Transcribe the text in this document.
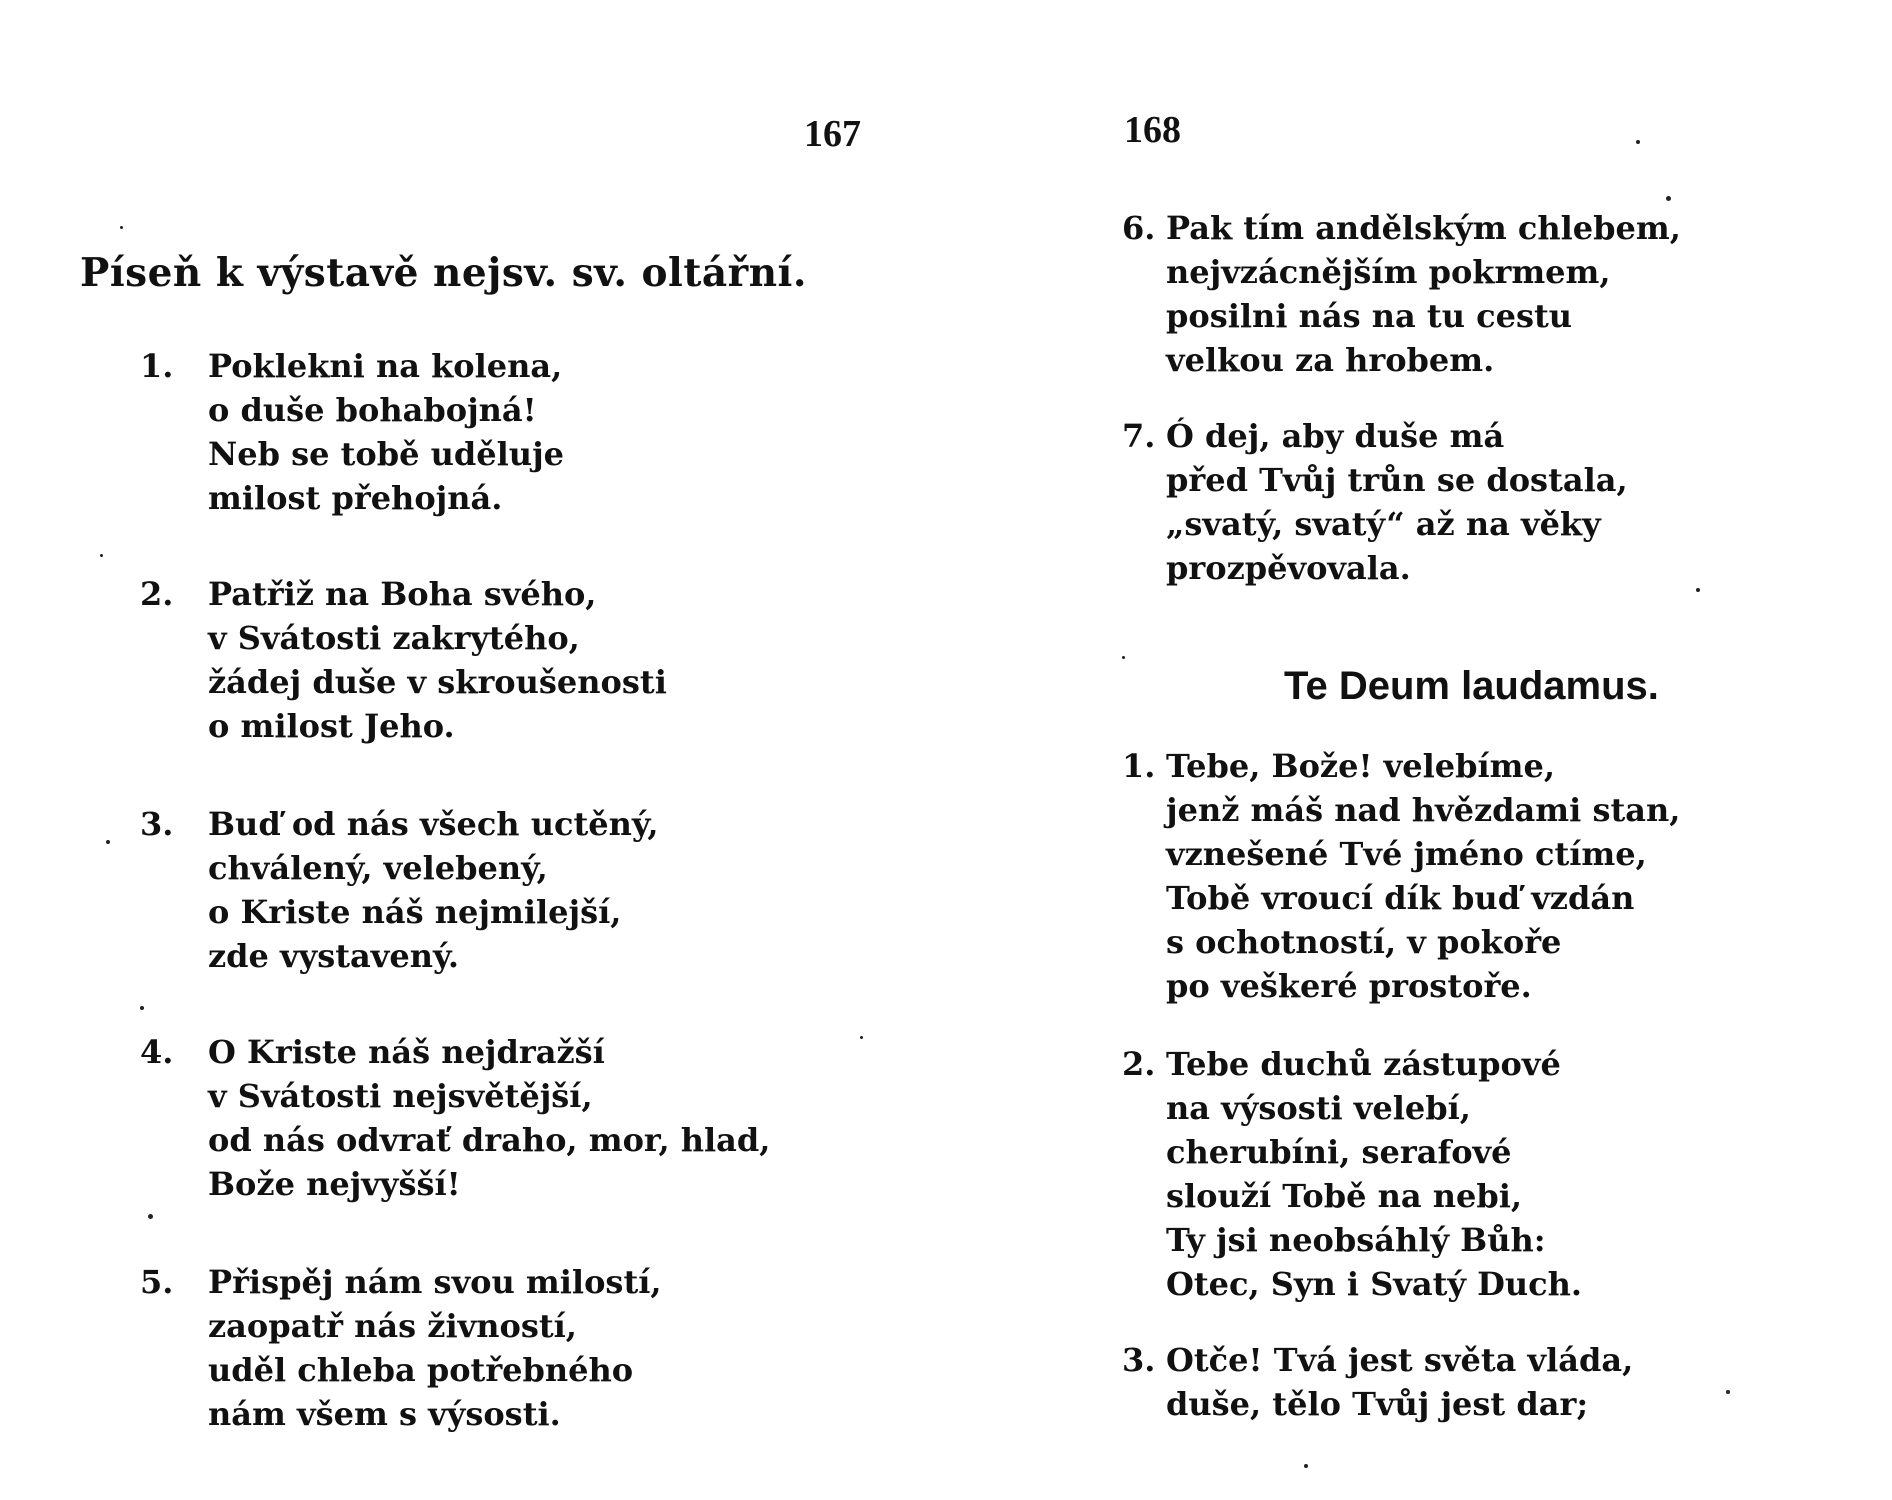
167
Píseň k výstavě nejsv. sv. oltářní.
1. Poklekni na kolena,
o duše bohabojná!
Neb se tobě uděluje
milost přehojná.
2. Patřiž na Boha svého,
v Svátosti zakrytého,
žádej duše v skroušenosti
o milost Jeho.
3. Buď od nás všech uctěný,
chválený, velebený,
o Kriste náš nejmilejší,
zde vystavený.
4. O Kriste náš nejdražší
v Svátosti nejsvětější,
od nás odvrať draho, mor, hlad,
Bože nejvyšší!
5. Přispěj nám svou milostí,
zaopatř nás živností,
uděl chleba potřebného
nám všem s výsosti.
168
6. Pak tím andělským chlebem,
nejvzácnějším pokrmem,
posilni nás na tu cestu
velkou za hrobem.
7. Ó dej, aby duše má
před Tvůj trůn se dostala,
„svatý, svatý“ až na věky
prozpěvovala.
Te Deum laudamus.
1. Tebe, Bože! velebíme,
jenž máš nad hvězdami stan,
vznešené Tvé jméno ctíme,
Tobě vroucí dík buď vzdán
s ochotností, v pokoře
po veškeré prostoře.
2. Tebe duchů zástupové
na výsosti velebí,
cherubíni, serafové
slouží Tobě na nebi,
Ty jsi neobsáhlý Bůh:
Otec, Syn i Svatý Duch.
3. Otče! Tvá jest světa vláda,
duše, tělo Tvůj jest dar;
